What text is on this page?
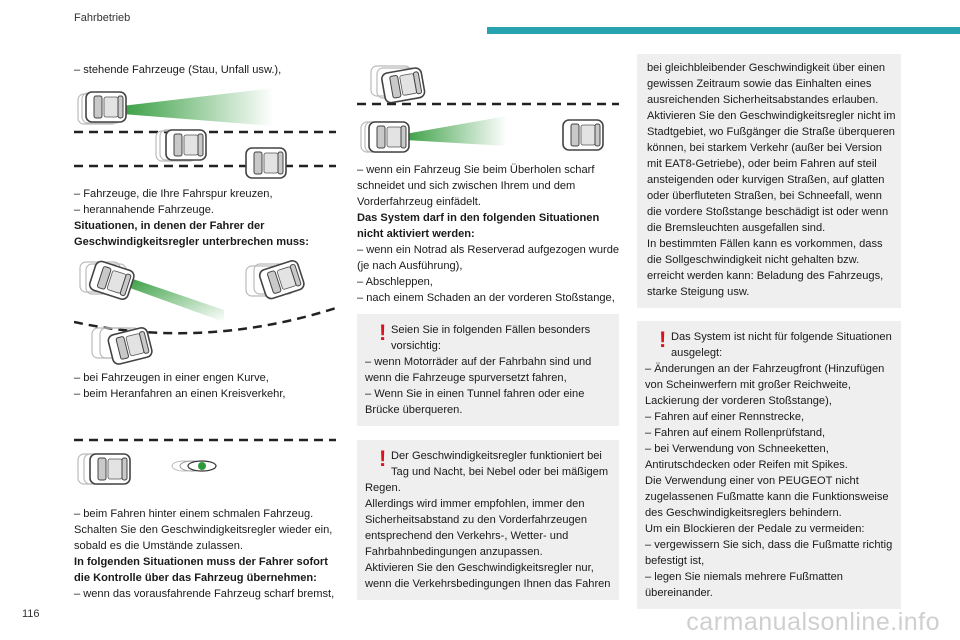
Fahrbetrieb
– stehende Fahrzeuge (Stau, Unfall usw.),
– Fahrzeuge, die Ihre Fahrspur kreuzen,
– herannahende Fahrzeuge.
Situationen, in denen der Fahrer der
Geschwindigkeitsregler unterbrechen muss:
– bei Fahrzeugen in einer engen Kurve,
– beim Heranfahren an einen Kreisverkehr,
– beim Fahren hinter einem schmalen Fahrzeug.
Schalten Sie den Geschwindigkeitsregler wieder ein,
sobald es die Umstände zulassen.
In folgenden Situationen muss der Fahrer sofort
die Kontrolle über das Fahrzeug übernehmen:
– wenn das vorausfahrende Fahrzeug scharf bremst,
– wenn ein Fahrzeug Sie beim Überholen scharf
schneidet und sich zwischen Ihrem und dem
Vorderfahrzeug einfädelt.
Das System darf in den folgenden Situationen
nicht aktiviert werden:
– wenn ein Notrad als Reserverad aufgezogen wurde
(je nach Ausführung),
– Abschleppen,
– nach einem Schaden an der vorderen Stoßstange,
! Seien Sie in folgenden Fällen besonders
vorsichtig:
– wenn Motorräder auf der Fahrbahn sind und
wenn die Fahrzeuge spurversetzt fahren,
– Wenn Sie in einen Tunnel fahren oder eine
Brücke überqueren.
! Der Geschwindigkeitsregler funktioniert bei
Tag und Nacht, bei Nebel oder bei mäßigem
Regen.
Allerdings wird immer empfohlen, immer den
Sicherheitsabstand zu den Vorderfahrzeugen
entsprechend den Verkehrs-, Wetter- und
Fahrbahnbedingungen anzupassen.
Aktivieren Sie den Geschwindigkeitsregler nur,
wenn die Verkehrsbedingungen Ihnen das Fahren
bei gleichbleibender Geschwindigkeit über einen
gewissen Zeitraum sowie das Einhalten eines
ausreichenden Sicherheitsabstandes erlauben.
Aktivieren Sie den Geschwindigkeitsregler nicht im
Stadtgebiet, wo Fußgänger die Straße überqueren
können, bei starkem Verkehr (außer bei Version
mit EAT8-Getriebe), oder beim Fahren auf steil
ansteigenden oder kurvigen Straßen, auf glatten
oder überfluteten Straßen, bei Schneefall, wenn
die vordere Stoßstange beschädigt ist oder wenn
die Bremsleuchten ausgefallen sind.
In bestimmten Fällen kann es vorkommen, dass
die Sollgeschwindigkeit nicht gehalten bzw.
erreicht werden kann: Beladung des Fahrzeugs,
starke Steigung usw.
! Das System ist nicht für folgende Situationen
ausgelegt:
– Änderungen an der Fahrzeugfront (Hinzufügen
von Scheinwerfern mit großer Reichweite,
Lackierung der vorderen Stoßstange),
– Fahren auf einer Rennstrecke,
– Fahren auf einem Rollenprüfstand,
– bei Verwendung von Schneeketten,
Antirutschdecken oder Reifen mit Spikes.
Die Verwendung einer von PEUGEOT nicht
zugelassenen Fußmatte kann die Funktionsweise
des Geschwindigkeitsreglers behindern.
Um ein Blockieren der Pedale zu vermeiden:
– vergewissern Sie sich, dass die Fußmatte richtig
befestigt ist,
– legen Sie niemals mehrere Fußmatten
übereinander.
116	carmanualsonline.info
